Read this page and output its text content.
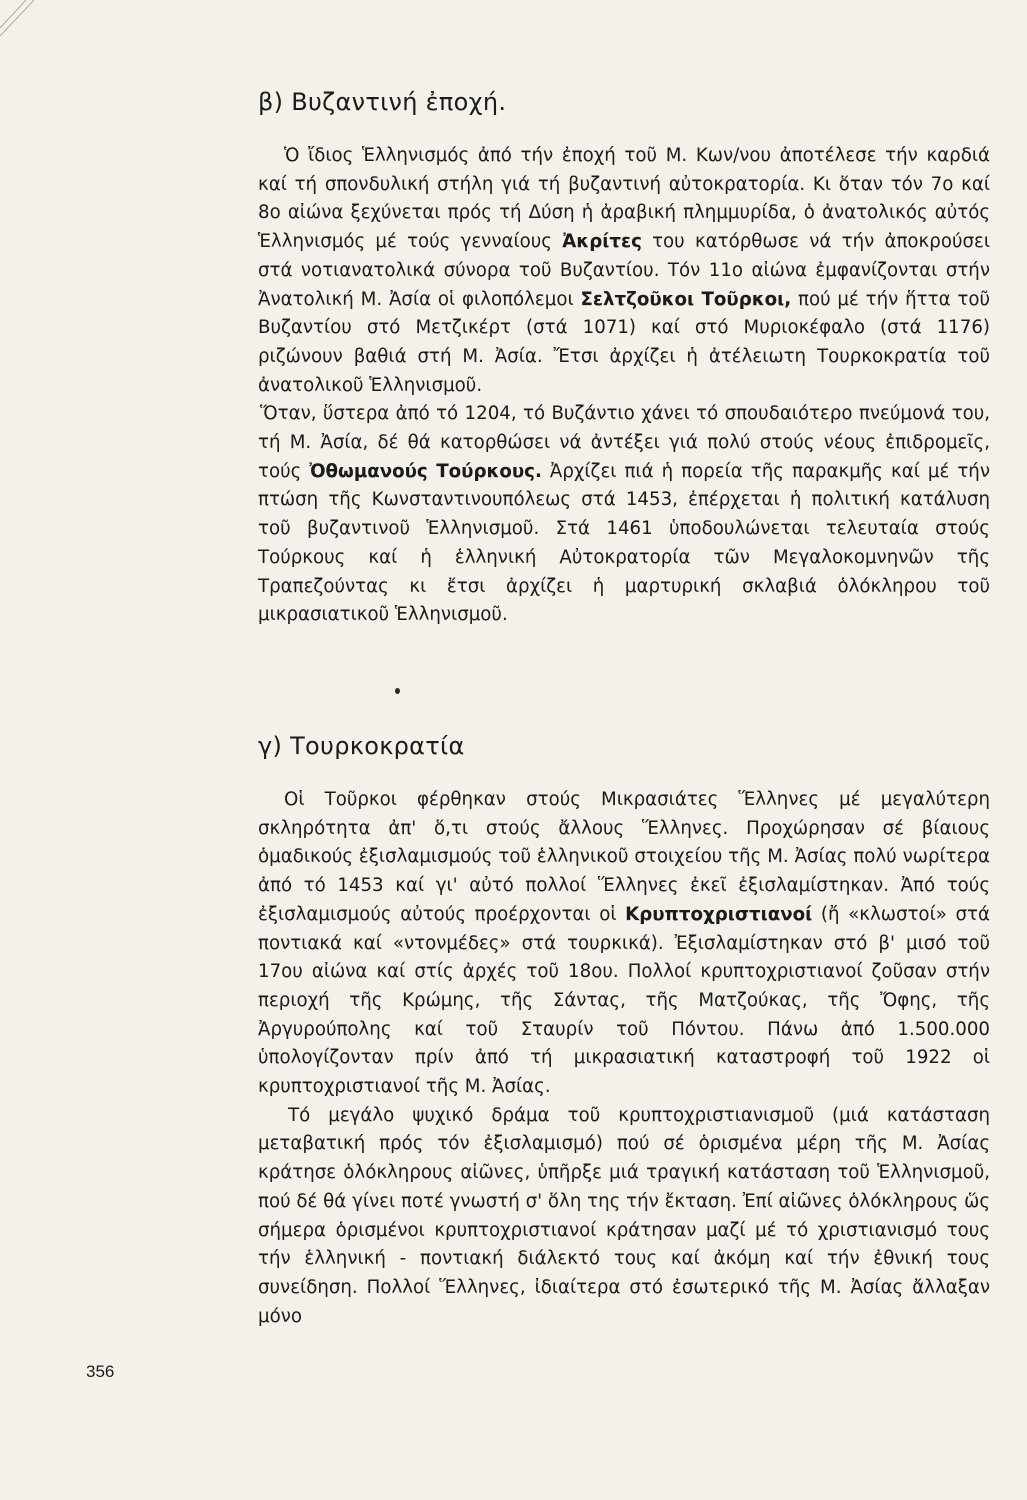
β) Βυζαντινή ἐποχή.

Ὁ ἴδιος Ἑλληνισμός ἀπό τήν ἐποχή τοῦ Μ. Κων/νου ἀποτέλεσε τήν καρδιά καί τή σπονδυλική στήλη γιά τή βυζαντινή αὐτοκρατορία. Κι ὅταν τόν 7ο καί 8ο αἰώνα ξεχύνεται πρός τή Δύση ἡ ἀραβική πλημμυρίδα, ὁ ἀνατολικός αὐτός Ἑλληνισμός μέ τούς γενναίους Ἀκρίτες του κατόρθωσε νά τήν ἀποκρούσει στά νοτιανατολικά σύνορα τοῦ Βυζαντίου. Τόν 11ο αἰώνα ἐμφανίζονται στήν Ἀνατολική Μ. Ἀσία οἱ φιλοπόλεμοι Σελτζοῦκοι Τοῦρκοι, πού μέ τήν ἥττα τοῦ Βυζαντίου στό Μετζικέρτ (στά 1071) καί στό Μυριοκέφαλο (στά 1176) ριζώνουν βαθιά στή Μ. Ἀσία. Ἔτσι ἀρχίζει ἡ ἀτέλειωτη Τουρκοκρατία τοῦ ἀνατολικοῦ Ἑλληνισμοῦ.

Ὅταν, ὕστερα ἀπό τό 1204, τό Βυζάντιο χάνει τό σπουδαιότερο πνεύμονά του, τή Μ. Ἀσία, δέ θά κατορθώσει νά ἀντέξει γιά πολύ στούς νέους ἐπιδρομεῖς, τούς Ὀθωμανούς Τούρκους. Ἀρχίζει πιά ἡ πορεία τῆς παρακμῆς καί μέ τήν πτώση τῆς Κωνσταντινουπόλεως στά 1453, ἐπέρχεται ἡ πολιτική κατάλυση τοῦ βυζαντινοῦ Ἑλληνισμοῦ. Στά 1461 ὑποδουλώνεται τελευταία στούς Τούρκους καί ἡ ἑλληνική Αὐτοκρατορία τῶν Μεγαλοκομνηνῶν τῆς Τραπεζούντας κι ἔτσι ἀρχίζει ἡ μαρτυρική σκλαβιά ὁλόκληρου τοῦ μικρασιατικοῦ Ἑλληνισμοῦ.

γ) Τουρκοκρατία

Οἱ Τοῦρκοι φέρθηκαν στούς Μικρασιάτες Ἕλληνες μέ μεγαλύτερη σκληρότητα ἀπ' ὅ,τι στούς ἄλλους Ἕλληνες. Προχώρησαν σέ βίαιους ὁμαδικούς ἐξισλαμισμούς τοῦ ἑλληνικοῦ στοιχείου τῆς Μ. Ἀσίας πολύ νωρίτερα ἀπό τό 1453 καί γι' αὐτό πολλοί Ἕλληνες ἐκεῖ ἐξισλαμίστηκαν. Ἀπό τούς ἐξισλαμισμούς αὐτούς προέρχονται οἱ Κρυπτοχριστιανοί (ἤ «κλωστοί» στά ποντιακά καί «ντονμέδες» στά τουρκικά). Ἐξισλαμίστηκαν στό β' μισό τοῦ 17ου αἰώνα καί στίς ἀρχές τοῦ 18ου. Πολλοί κρυπτοχριστιανοί ζοῦσαν στήν περιοχή τῆς Κρώμης, τῆς Σάντας, τῆς Ματζούκας, τῆς Ὄφης, τῆς Ἀργυρούπολης καί τοῦ Σταυρίν τοῦ Πόντου. Πάνω ἀπό 1.500.000 ὑπολογίζονταν πρίν ἀπό τή μικρασιατική καταστροφή τοῦ 1922 οἱ κρυπτοχριστιανοί τῆς Μ. Ἀσίας.

Τό μεγάλο ψυχικό δράμα τοῦ κρυπτοχριστιανισμοῦ (μιά κατάσταση μεταβατική πρός τόν ἐξισλαμισμό) πού σέ ὁρισμένα μέρη τῆς Μ. Ἀσίας κράτησε ὁλόκληρους αἰῶνες, ὑπῆρξε μιά τραγική κατάσταση τοῦ Ἑλληνισμοῦ, πού δέ θά γίνει ποτέ γνωστή σ' ὅλη της τήν ἔκταση. Ἐπί αἰῶνες ὁλόκληρους ὥς σήμερα ὁρισμένοι κρυπτοχριστιανοί κράτησαν μαζί μέ τό χριστιανισμό τους τήν ἑλληνική - ποντιακή διάλεκτό τους καί ἀκόμη καί τήν ἐθνική τους συνείδηση. Πολλοί Ἕλληνες, ἰδιαίτερα στό ἐσωτερικό τῆς Μ. Ἀσίας ἄλλαξαν μόνο

356
